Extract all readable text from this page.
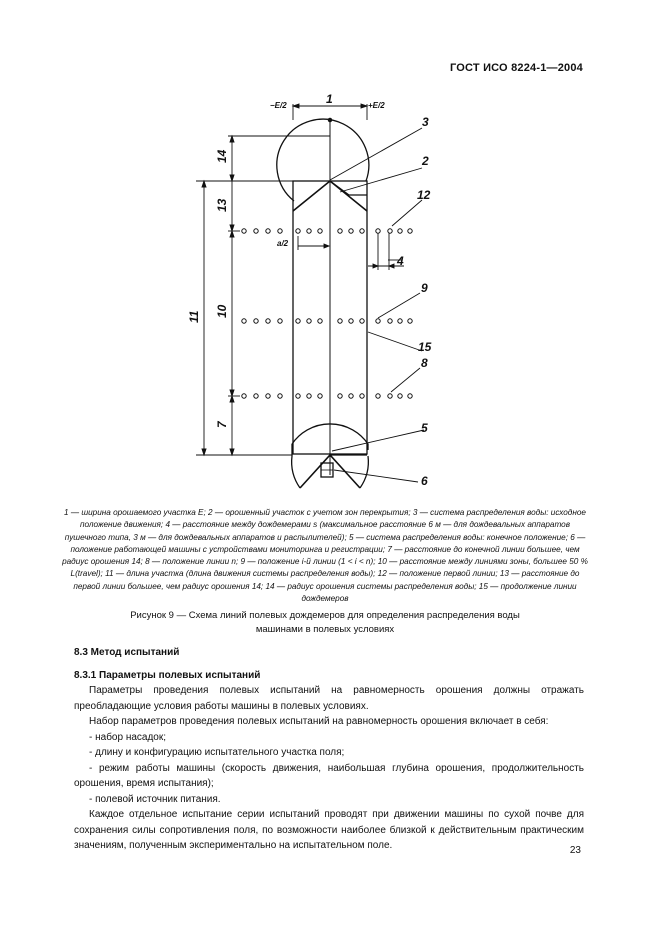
ГОСТ ИСО 8224-1—2004
1
−E/2	+E/2
a/2
14
13
10
11
7
3
2
12
4
9
15
8
5
6
1 — ширина орошаемого участка E; 2 — орошенный участок с учетом зон перекрытия; 3 — система распределения воды: исходное положение движения; 4 — расстояние между дождемерами s (максимальное расстояние 6 м — для дождевальных аппаратов пушечного типа, 3 м — для дождевальных аппаратов и распылителей); 5 — система распределения воды: конечное положение; 6 — положение работающей машины с устройствами мониторинга и регистрации; 7 — расстояние до конечной линии большее, чем радиус орошения 14; 8 — положение линии n; 9 — положение i-й линии (1 < i < n); 10 — расстояние между линиями зоны, большее 50 % L(travel); 11 — длина участка (длина движения системы распределения воды); 12 — положение первой линии; 13 — расстояние до первой линии большее, чем радиус орошения 14; 14 — радиус орошения системы распределения воды; 15 — продолжение линии дождемеров
Рисунок 9 — Схема линий полевых дождемеров для определения распределения воды
машинами в полевых условиях
8.3 Метод испытаний
8.3.1 Параметры полевых испытаний

Параметры проведения полевых испытаний на равномерность орошения должны отражать преобладающие условия работы машины в полевых условиях.

Набор параметров проведения полевых испытаний на равномерность орошения включает в себя:

- набор насадок;

- длину и конфигурацию испытательного участка поля;

- режим работы машины (скорость движения, наибольшая глубина орошения, продолжительность орошения, время испытания);

- полевой источник питания.

Каждое отдельное испытание серии испытаний проводят при движении машины по сухой почве для сохранения силы сопротивления поля, по возможности наиболее близкой к действительным практическим значениям, полученным экспериментально на испытательном поле.	23
